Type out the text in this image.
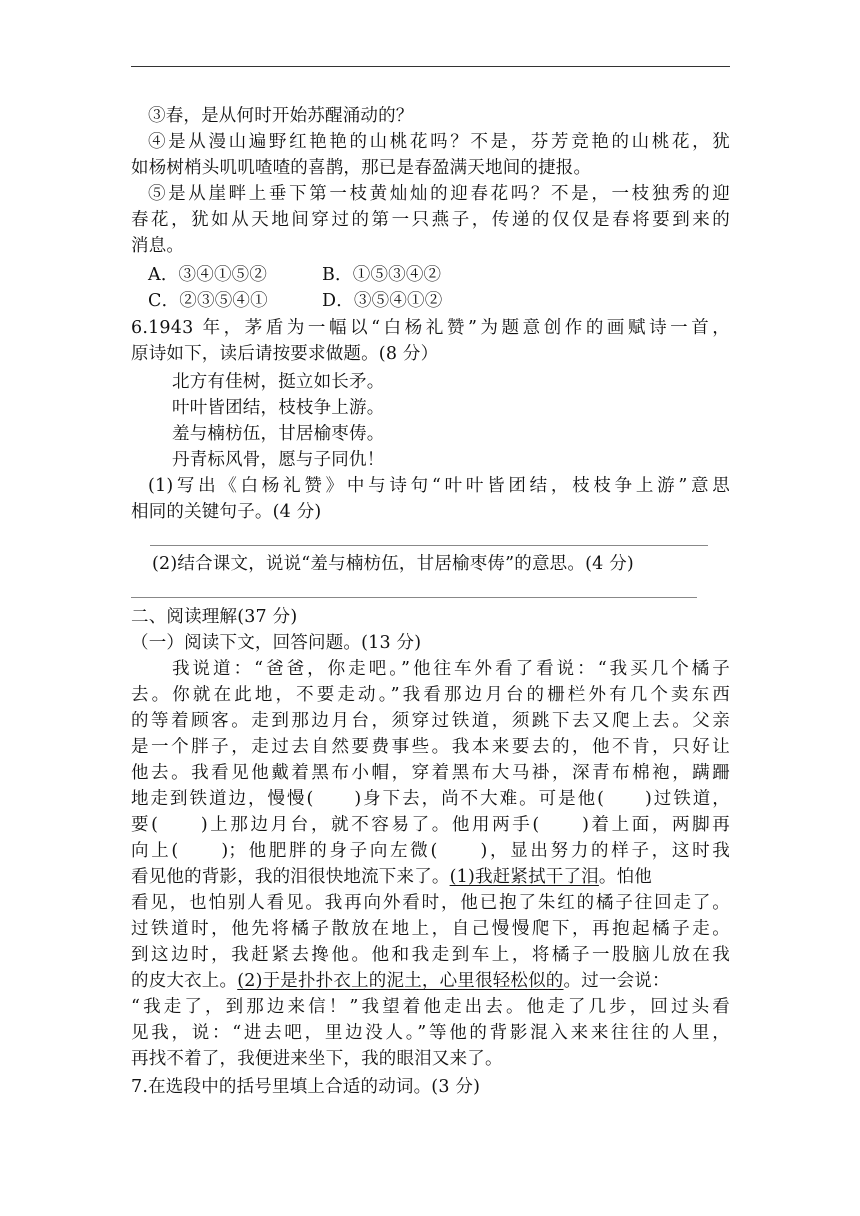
③春，是从何时开始苏醒涌动的？
④是从漫山遍野红艳艳的山桃花吗？不是，芬芳竞艳的山桃花，犹
如杨树梢头叽叽喳喳的喜鹊，那已是春盈满天地间的捷报。
⑤是从崖畔上垂下第一枝黄灿灿的迎春花吗？不是，一枝独秀的迎
春花，犹如从天地间穿过的第一只燕子，传递的仅仅是春将要到来的
消息。
A．③④①⑤②	B．①⑤③④②
C．②③⑤④①	D．③⑤④①②
6.1943 年，茅盾为一幅以“白杨礼赞”为题意创作的画赋诗一首，
原诗如下，读后请按要求做题。(8 分）
北方有佳树，挺立如长矛。
叶叶皆团结，枝枝争上游。
羞与楠枋伍，甘居榆枣俦。
丹青标风骨，愿与子同仇！
(1)写出《白杨礼赞》中与诗句“叶叶皆团结，枝枝争上游”意思
相同的关键句子。(4 分)
(2)结合课文，说说“羞与楠枋伍，甘居榆枣俦”的意思。(4 分)
二、阅读理解(37 分)
（一）阅读下文，回答问题。(13 分)
我说道：“爸爸，你走吧。”他往车外看了看说：“我买几个橘子
去。你就在此地，不要走动。”我看那边月台的栅栏外有几个卖东西
的等着顾客。走到那边月台，须穿过铁道，须跳下去又爬上去。父亲
是一个胖子，走过去自然要费事些。我本来要去的，他不肯，只好让
他去。我看见他戴着黑布小帽，穿着黑布大马褂，深青布棉袍，蹒跚
地走到铁道边，慢慢(　　)身下去，尚不大难。可是他(　　)过铁道，
要(　　)上那边月台，就不容易了。他用两手(　　)着上面，两脚再
向上(　　)；他肥胖的身子向左微(　　)，显出努力的样子，这时我
看见他的背影，我的泪很快地流下来了。(1)我赶紧拭干了泪。怕他
看见，也怕别人看见。我再向外看时，他已抱了朱红的橘子往回走了。
过铁道时，他先将橘子散放在地上，自己慢慢爬下，再抱起橘子走。
到这边时，我赶紧去搀他。他和我走到车上，将橘子一股脑儿放在我
的皮大衣上。(2)于是扑扑衣上的泥土，心里很轻松似的。过一会说：
“我走了，到那边来信！”我望着他走出去。他走了几步，回过头看
见我，说：“进去吧，里边没人。”等他的背影混入来来往往的人里，
再找不着了，我便进来坐下，我的眼泪又来了。
7.在选段中的括号里填上合适的动词。(3 分)
